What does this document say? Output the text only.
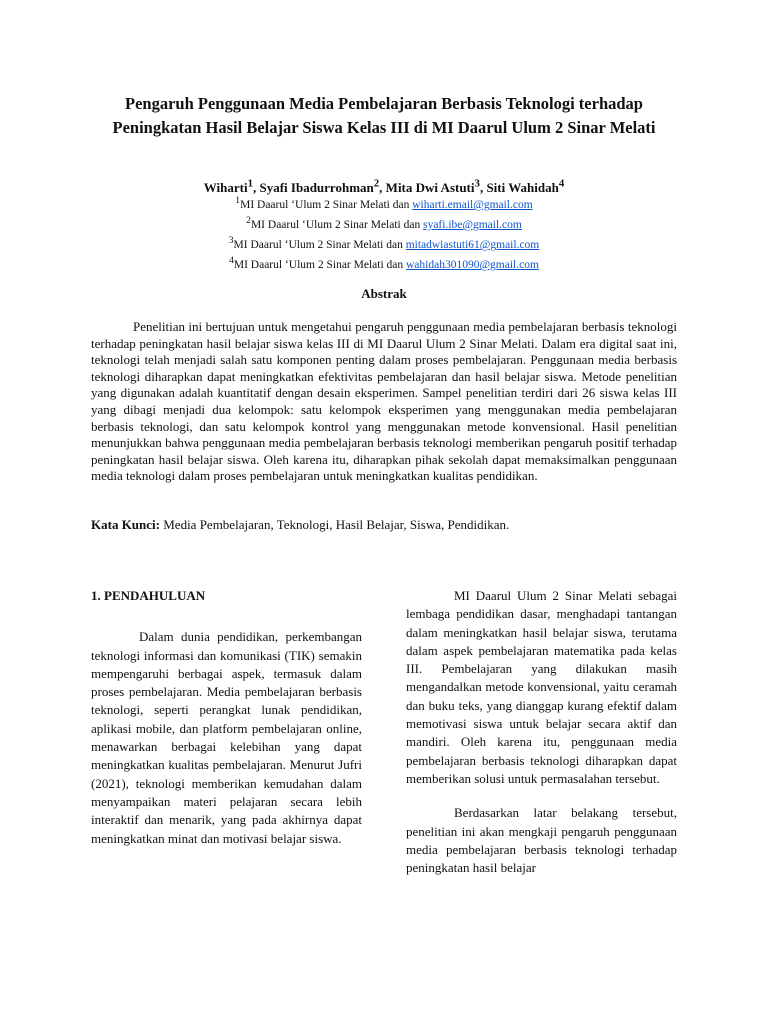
Pengaruh Penggunaan Media Pembelajaran Berbasis Teknologi terhadap
Peningkatan Hasil Belajar Siswa Kelas III di MI Daarul Ulum 2 Sinar Melati
Wiharti$^1$, Syafi Ibadurrohman$^2$, Mita Dwi Astuti$^3$, Siti Wahidah$^4$
$^1$MI Daarul ‘Ulum 2 Sinar Melati dan wiharti.email@gmail.com
$^2$MI Daarul ‘Ulum 2 Sinar Melati dan syafi.ibe@gmail.com
$^3$MI Daarul ‘Ulum 2 Sinar Melati dan mitadwiastuti61@gmail.com
$^4$MI Daarul ‘Ulum 2 Sinar Melati dan wahidah301090@gmail.com
Abstrak

Penelitian ini bertujuan untuk mengetahui pengaruh penggunaan media pembelajaran berbasis teknologi terhadap peningkatan hasil belajar siswa kelas III di MI Daarul Ulum 2 Sinar Melati. Dalam era digital saat ini, teknologi telah menjadi salah satu komponen penting dalam proses pembelajaran. Penggunaan media berbasis teknologi diharapkan dapat meningkatkan efektivitas pembelajaran dan hasil belajar siswa. Metode penelitian yang digunakan adalah kuantitatif dengan desain eksperimen. Sampel penelitian terdiri dari 26 siswa kelas III yang dibagi menjadi dua kelompok: satu kelompok eksperimen yang menggunakan media pembelajaran berbasis teknologi, dan satu kelompok kontrol yang menggunakan metode konvensional. Hasil penelitian menunjukkan bahwa penggunaan media pembelajaran berbasis teknologi memberikan pengaruh positif terhadap peningkatan hasil belajar siswa. Oleh karena itu, diharapkan pihak sekolah dapat memaksimalkan penggunaan media teknologi dalam proses pembelajaran untuk meningkatkan kualitas pendidikan.

Kata Kunci: Media Pembelajaran, Teknologi, Hasil Belajar, Siswa, Pendidikan.

1. PENDAHULUAN

Dalam dunia pendidikan, perkembangan teknologi informasi dan komunikasi (TIK) semakin mempengaruhi berbagai aspek, termasuk dalam proses pembelajaran. Media pembelajaran berbasis teknologi, seperti perangkat lunak pendidikan, aplikasi mobile, dan platform pembelajaran online, menawarkan berbagai kelebihan yang dapat meningkatkan kualitas pembelajaran. Menurut Jufri (2021), teknologi memberikan kemudahan dalam menyampaikan materi pelajaran secara lebih interaktif dan menarik, yang pada akhirnya dapat meningkatkan minat dan motivasi belajar siswa.

MI Daarul Ulum 2 Sinar Melati sebagai lembaga pendidikan dasar, menghadapi tantangan dalam meningkatkan hasil belajar siswa, terutama dalam aspek pembelajaran matematika pada kelas III. Pembelajaran yang dilakukan masih mengandalkan metode konvensional, yaitu ceramah dan buku teks, yang dianggap kurang efektif dalam memotivasi siswa untuk belajar secara aktif dan mandiri. Oleh karena itu, penggunaan media pembelajaran berbasis teknologi diharapkan dapat memberikan solusi untuk permasalahan tersebut.

Berdasarkan latar belakang tersebut, penelitian ini akan mengkaji pengaruh penggunaan media pembelajaran berbasis teknologi terhadap peningkatan hasil belajar
